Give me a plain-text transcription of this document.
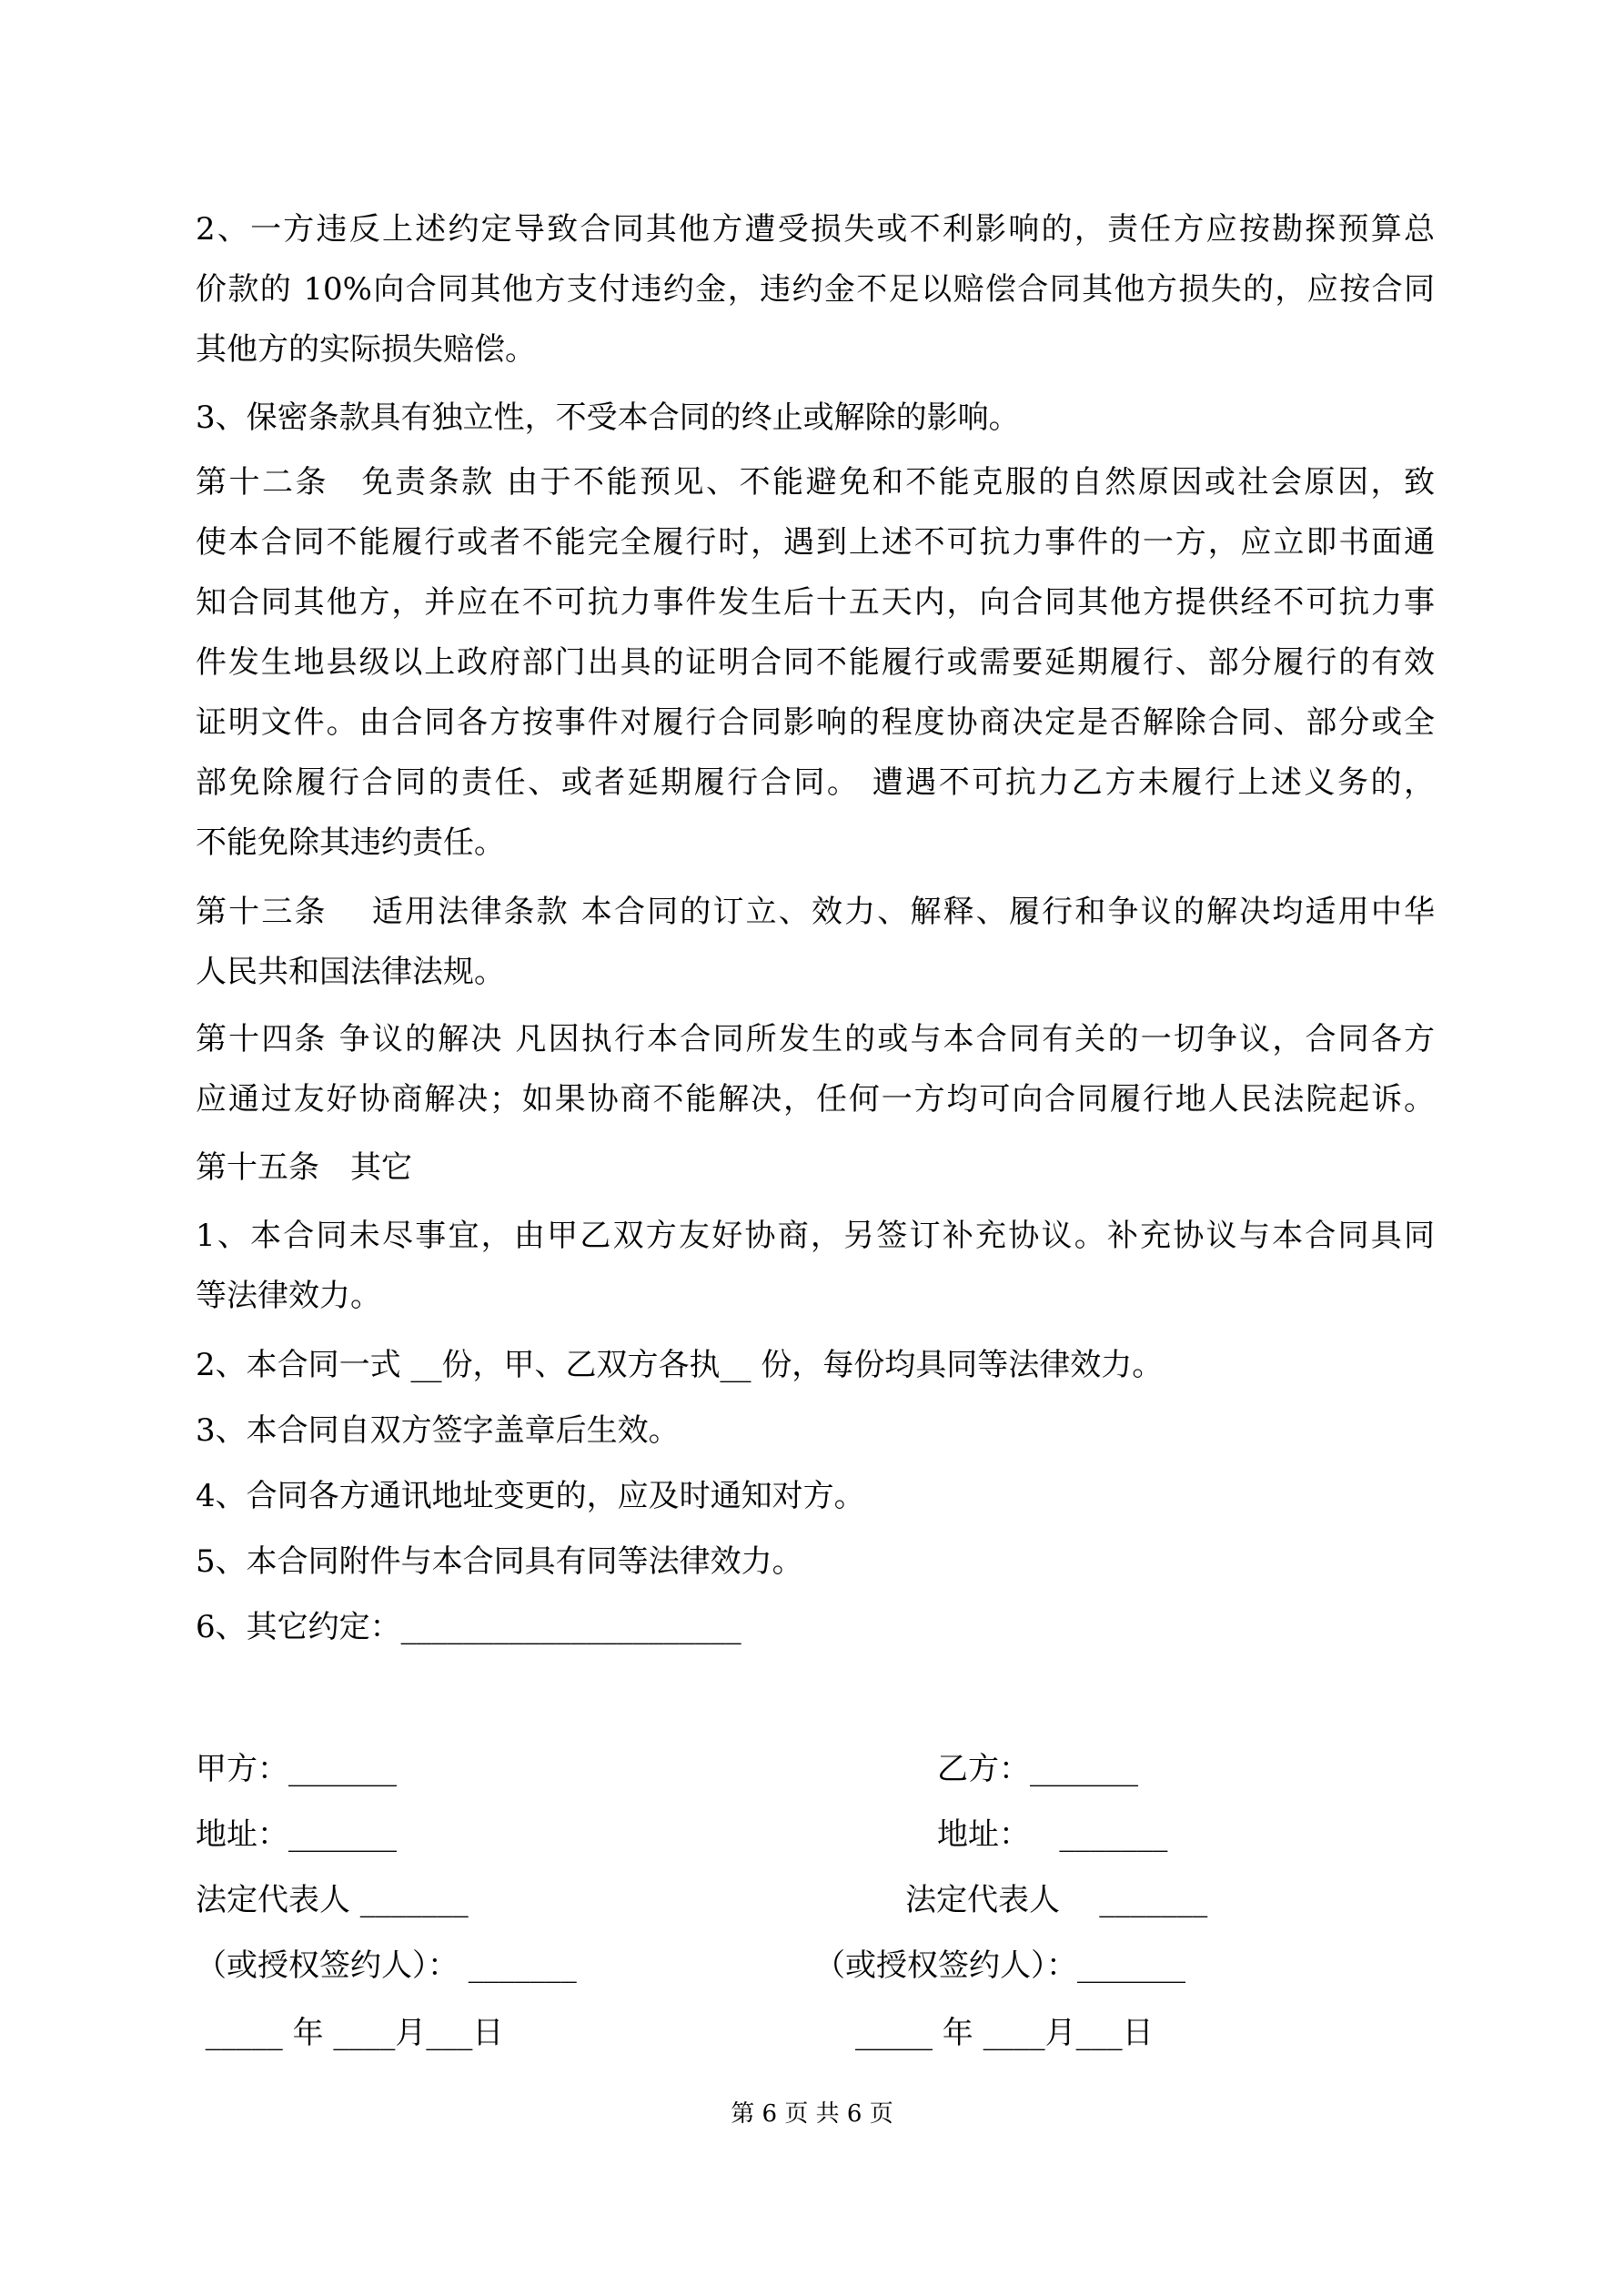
2、一方违反上述约定导致合同其他方遭受损失或不利影响的，责任方应按勘探预算总
价款的 10%向合同其他方支付违约金，违约金不足以赔偿合同其他方损失的，应按合同
其他方的实际损失赔偿。
3、保密条款具有独立性，不受本合同的终止或解除的影响。
第十二条　免责条款 由于不能预见、不能避免和不能克服的自然原因或社会原因，致
使本合同不能履行或者不能完全履行时，遇到上述不可抗力事件的一方，应立即书面通
知合同其他方，并应在不可抗力事件发生后十五天内，向合同其他方提供经不可抗力事
件发生地县级以上政府部门出具的证明合同不能履行或需要延期履行、部分履行的有效
证明文件。由合同各方按事件对履行合同影响的程度协商决定是否解除合同、部分或全
部免除履行合同的责任、或者延期履行合同。 遭遇不可抗力乙方未履行上述义务的，
不能免除其违约责任。
第十三条　 适用法律条款 本合同的订立、效力、解释、履行和争议的解决均适用中华
人民共和国法律法规。
第十四条 争议的解决 凡因执行本合同所发生的或与本合同有关的一切争议，合同各方
应通过友好协商解决；如果协商不能解决，任何一方均可向合同履行地人民法院起诉。
第十五条　其它
1、本合同未尽事宜，由甲乙双方友好协商，另签订补充协议。补充协议与本合同具同
等法律效力。
2、本合同一式 __份，甲、乙双方各执__ 份，每份均具同等法律效力。
3、本合同自双方签字盖章后生效。
4、合同各方通讯地址变更的，应及时通知对方。
5、本合同附件与本合同具有同等法律效力。
6、其它约定：______________________
甲方：_______
地址：_______
法定代表人 _______
（或授权签约人）： _______
_____ 年 ____月___日
乙方：_______
地址：   _______
法定代表人    _______
（或授权签约人）：_______
_____ 年 ____月___日
第 6 页 共 6 页
